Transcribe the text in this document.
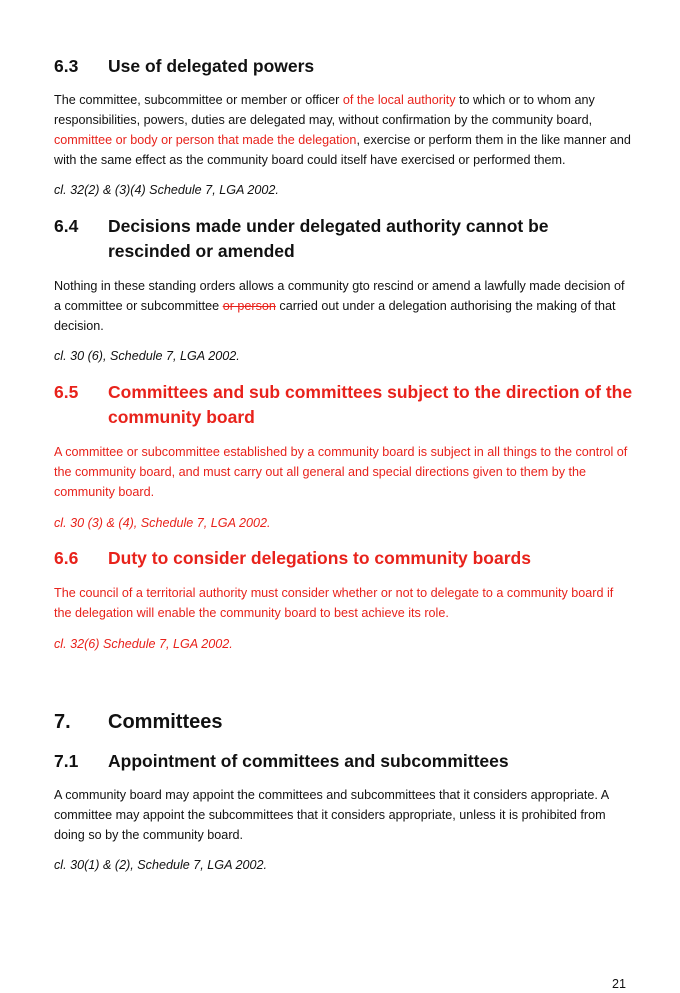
6.3	Use of delegated powers
The committee, subcommittee or member or officer of the local authority to which or to whom any responsibilities, powers, duties are delegated may, without confirmation by the community board, committee or body or person that made the delegation, exercise or perform them in the like manner and with the same effect as the community board could itself have exercised or performed them.
cl. 32(2) & (3)(4) Schedule 7, LGA 2002.
6.4	Decisions made under delegated authority cannot be rescinded or amended
Nothing in these standing orders allows a community gto rescind or amend a lawfully made decision of a committee or subcommittee or person carried out under a delegation authorising the making of that decision.
cl. 30 (6), Schedule 7, LGA 2002.
6.5	Committees and sub committees subject to the direction of the community board
A committee or subcommittee established by a community board is subject in all things to the control of the community board, and must carry out all general and special directions given to them by the community board.
cl. 30 (3) & (4), Schedule 7, LGA 2002.
6.6	Duty to consider delegations to community boards
The council of a territorial authority must consider whether or not to delegate to a community board if the delegation will enable the community board to best achieve its role.
cl. 32(6) Schedule 7, LGA 2002.
7.	Committees
7.1	Appointment of committees and subcommittees
A community board may appoint the committees and subcommittees that it considers appropriate. A committee may appoint the subcommittees that it considers appropriate, unless it is prohibited from doing so by the community board.
cl. 30(1) & (2), Schedule 7, LGA 2002.
21
